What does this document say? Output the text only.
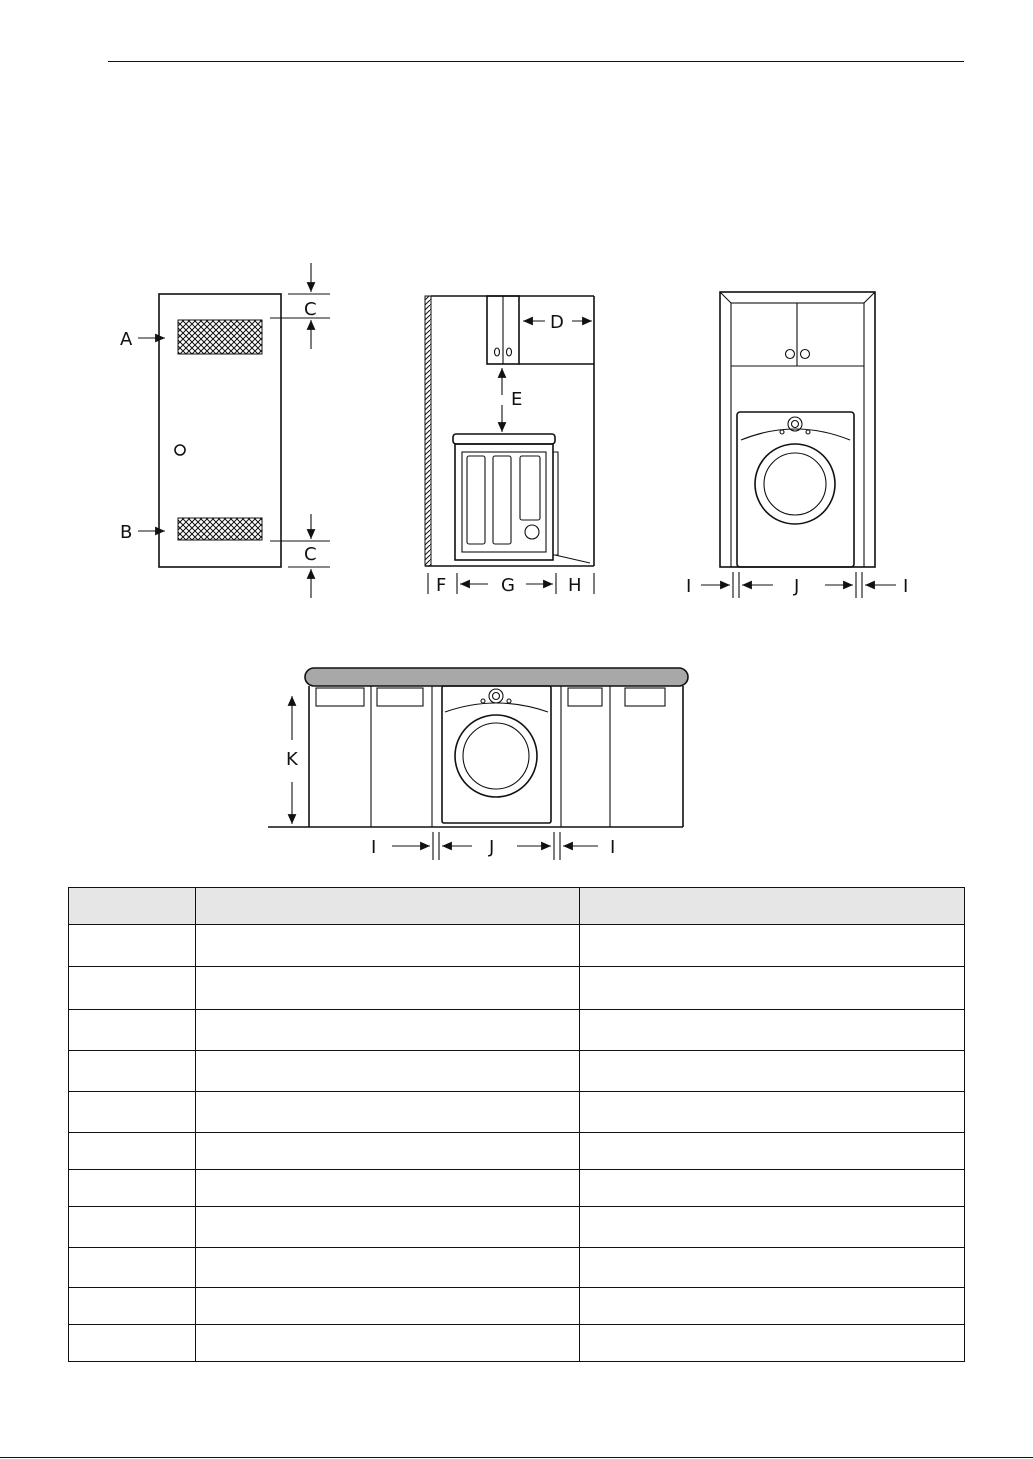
A
B
C
C
E
D
F	G	H	I	J	I
K
I	J	I
